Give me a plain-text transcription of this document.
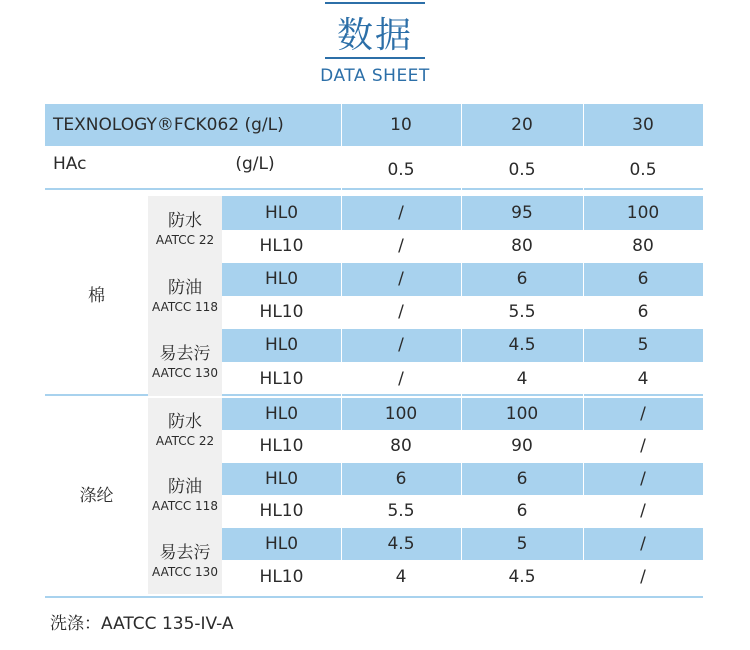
数据
DATA SHEET
TEXNOLOGY®FCK062 (g/L)	10	20	30
HAc	(g/L)	0.5	0.5	0.5
棉
防水
AATCC 22
HL0	/	95	100
HL10	/	80	80
防油
AATCC 118
HL0	/	6	6
HL10	/	5.5	6
易去污
AATCC 130
HL0	/	4.5	5
HL10	/	4	4
涤纶
防水
AATCC 22
HL0	100	100	/
HL10	80	90	/
防油
AATCC 118
HL0	6	6	/
HL10	5.5	6	/
易去污
AATCC 130
HL0	4.5	5	/
HL10	4	4.5	/
洗涤：AATCC 135-IV-A
